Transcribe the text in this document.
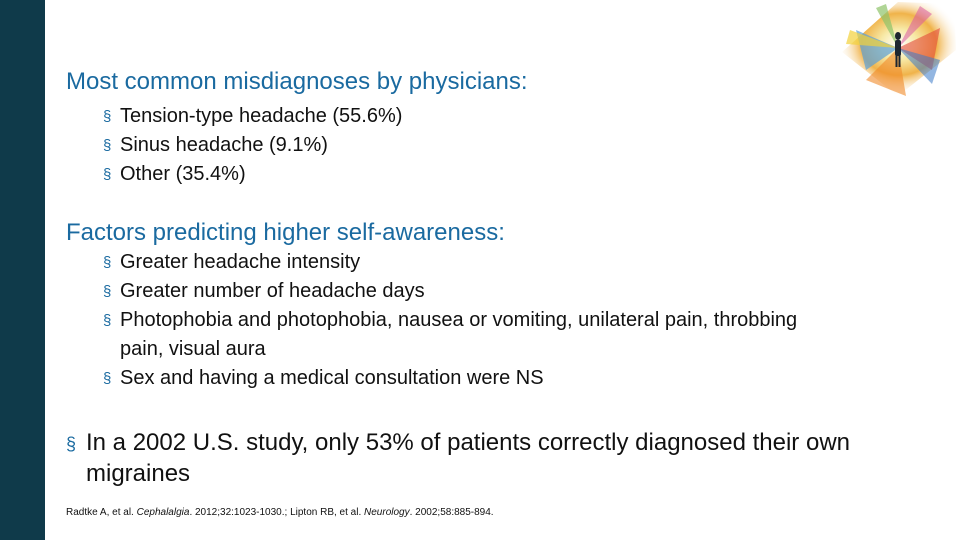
Most common misdiagnoses by physicians:
§ Tension-type headache (55.6%)
§ Sinus headache (9.1%)
§ Other (35.4%)
Factors predicting higher self-awareness:
§ Greater headache intensity
§ Greater number of headache days
§ Photophobia and photophobia, nausea or vomiting, unilateral pain, throbbing pain, visual aura
§ Sex and having a medical consultation were NS

§ In a 2002 U.S. study, only 53% of patients correctly diagnosed their own migraines

Radtke A, et al. Cephalalgia. 2012;32:1023-1030.; Lipton RB, et al. Neurology. 2002;58:885-894.
